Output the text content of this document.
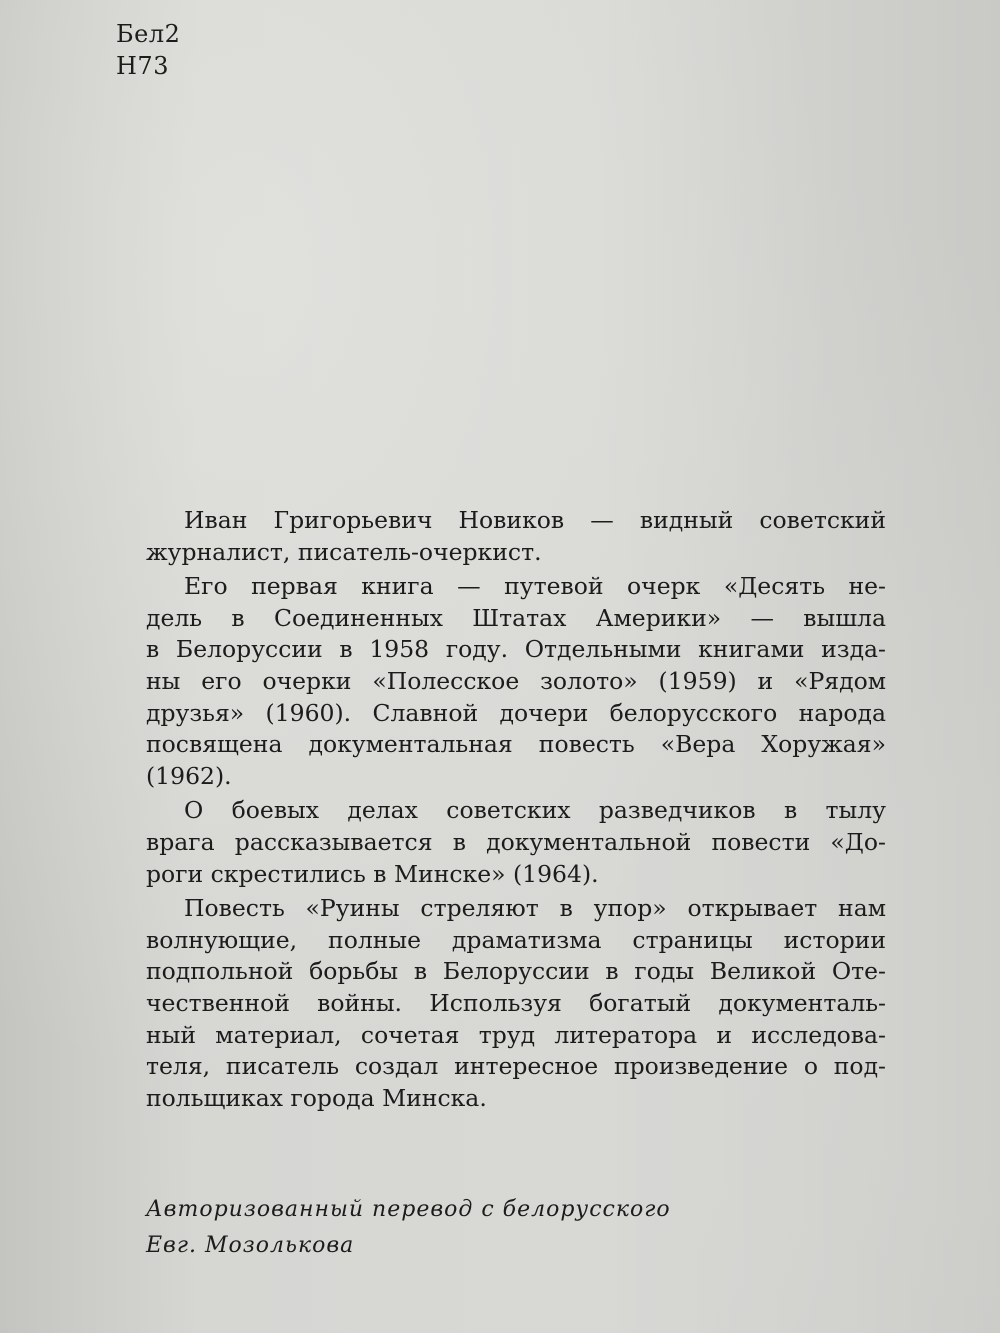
Бел2
Н73
Иван Григорьевич Новиков — видный советский
журналист, писатель-очеркист.
Его первая книга — путевой очерк «Десять не-
дель в Соединенных Штатах Америки» — вышла
в Белоруссии в 1958 году. Отдельными книгами изда-
ны его очерки «Полесское золото» (1959) и «Рядом
друзья» (1960). Славной дочери белорусского народа
посвящена документальная повесть «Вера Хоружая»
(1962).
О боевых делах советских разведчиков в тылу
врага рассказывается в документальной повести «До-
роги скрестились в Минске» (1964).
Повесть «Руины стреляют в упор» открывает нам
волнующие, полные драматизма страницы истории
подпольной борьбы в Белоруссии в годы Великой Оте-
чественной войны. Используя богатый документаль-
ный материал, сочетая труд литератора и исследова-
теля, писатель создал интересное произведение о под-
польщиках города Минска.
Авторизованный перевод с белорусского
Евг. Мозолькова
